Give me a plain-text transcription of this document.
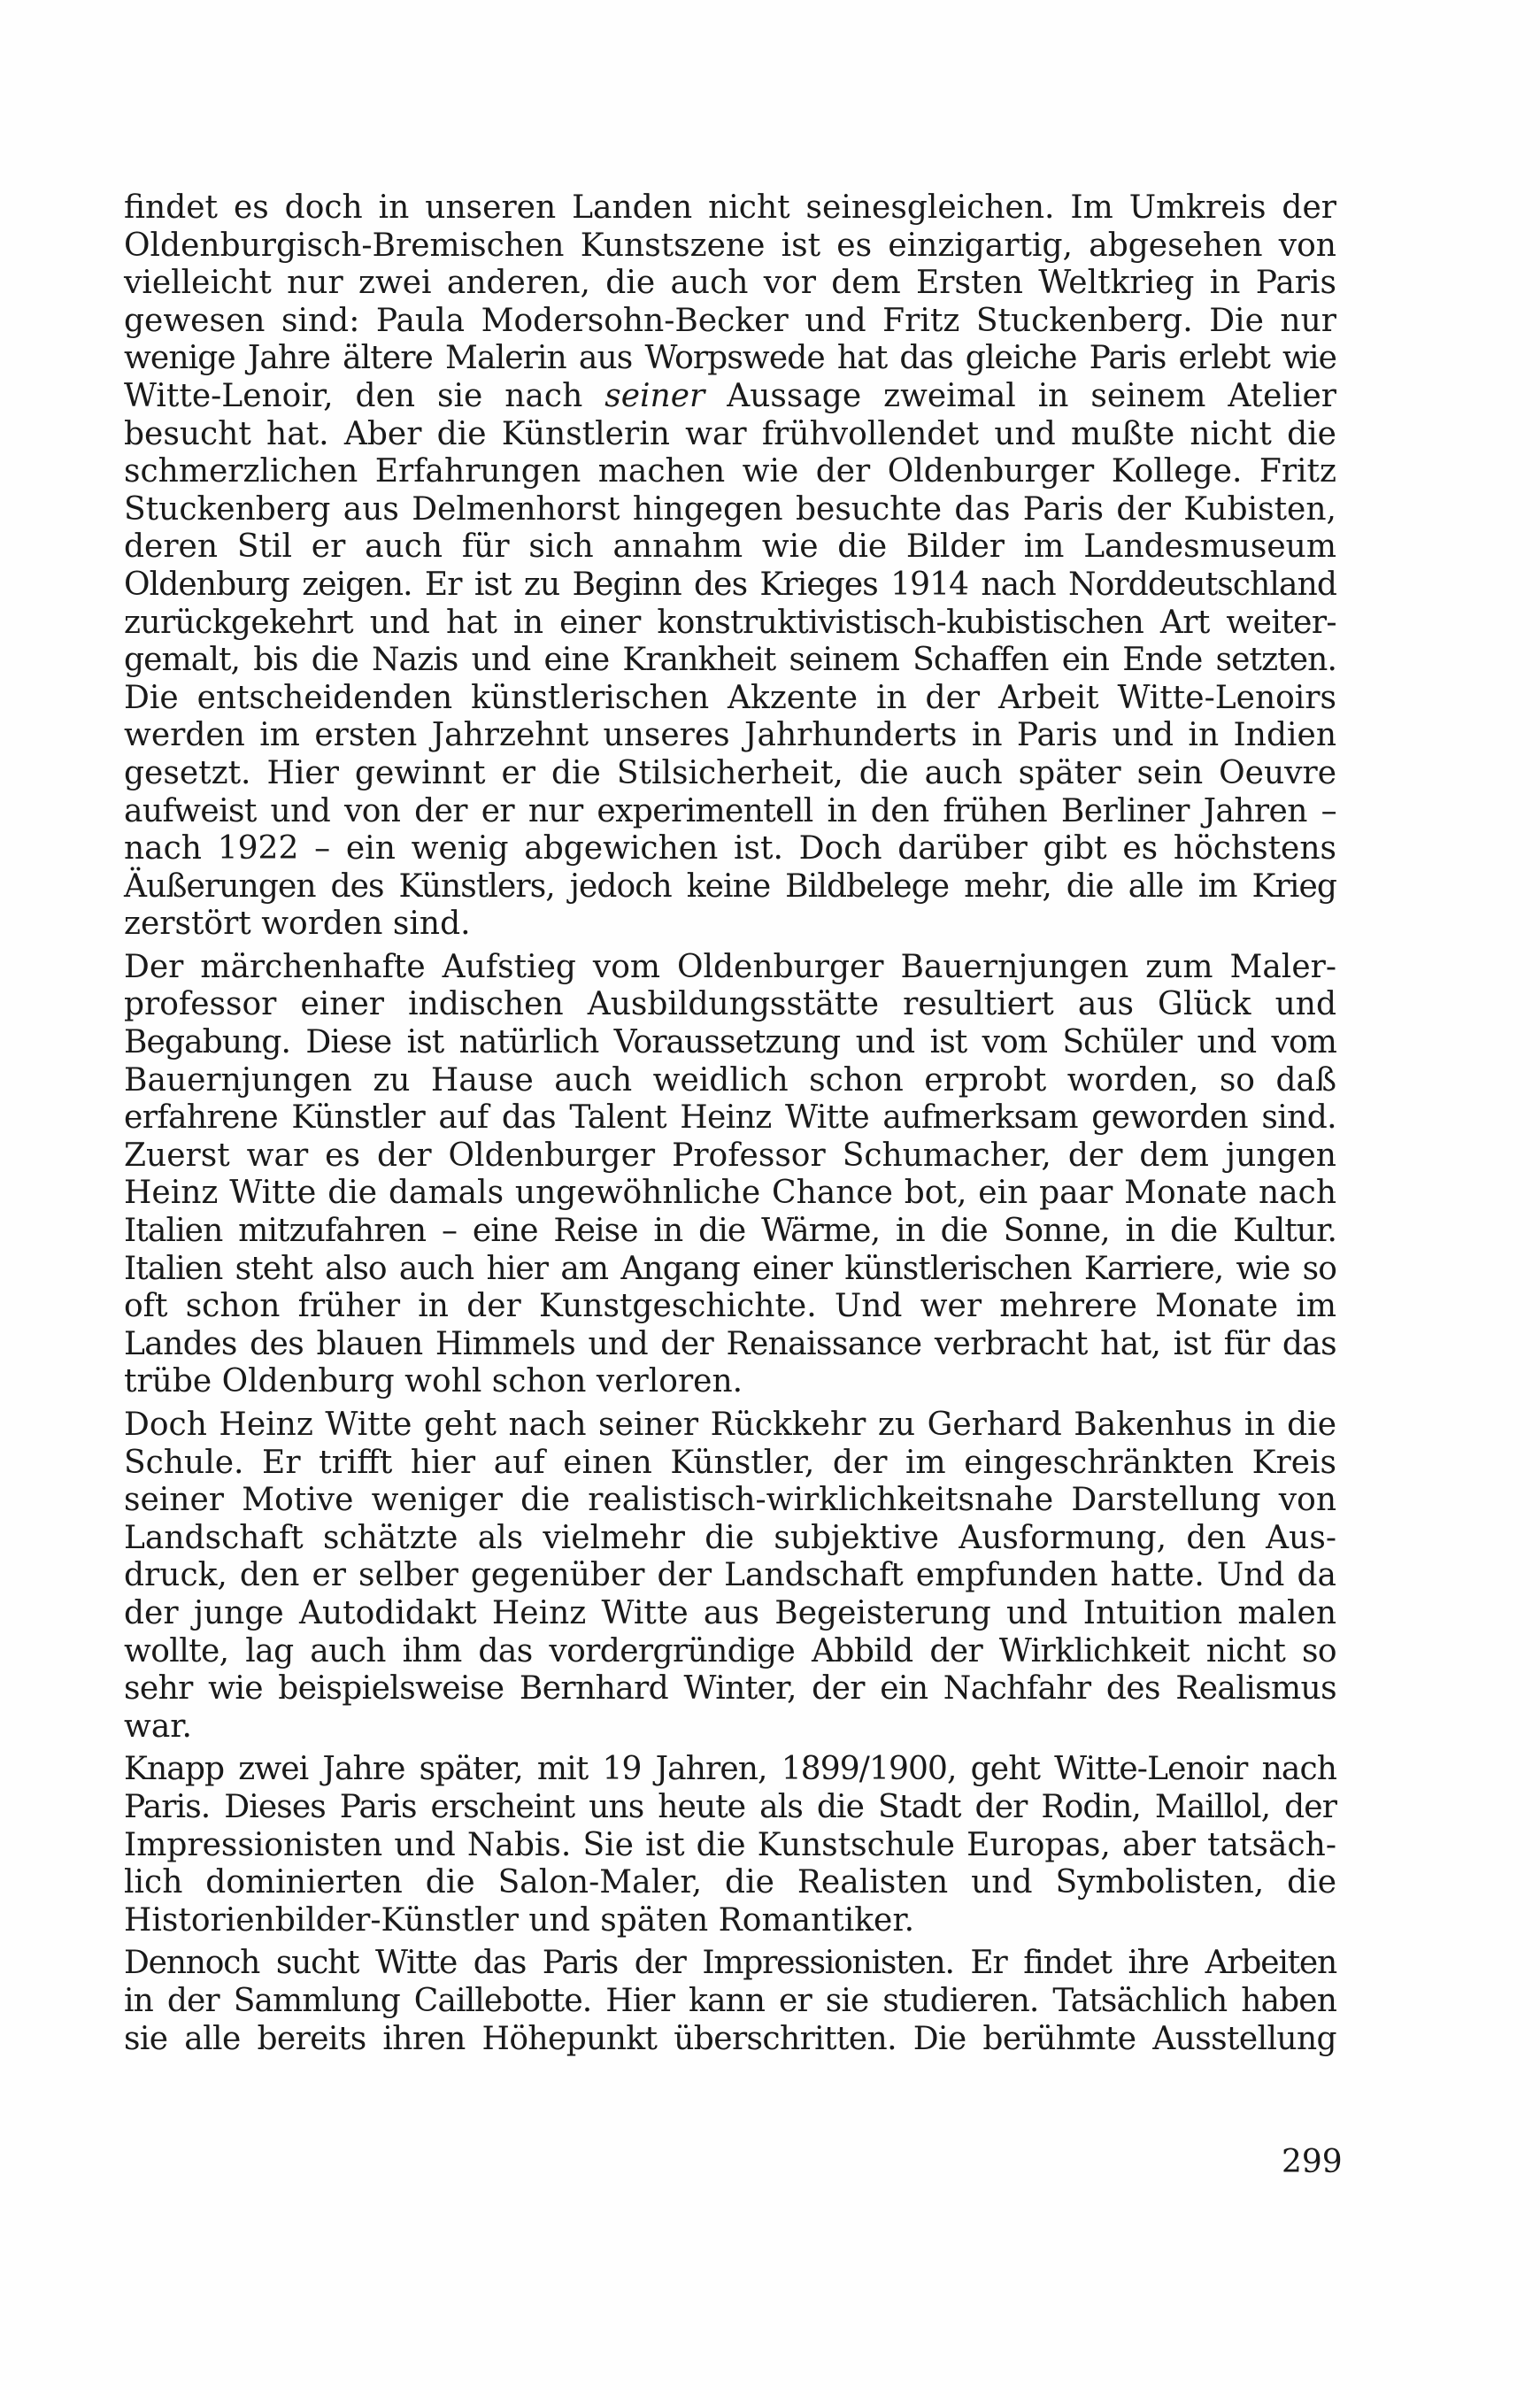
findet es doch in unseren Landen nicht seinesgleichen. Im Umkreis der
Oldenburgisch-Bremischen Kunstszene ist es einzigartig, abgesehen von
vielleicht nur zwei anderen, die auch vor dem Ersten Weltkrieg in Paris
gewesen sind: Paula Modersohn-Becker und Fritz Stuckenberg. Die nur
wenige Jahre ältere Malerin aus Worpswede hat das gleiche Paris erlebt wie
Witte-Lenoir, den sie nach seiner Aussage zweimal in seinem Atelier
besucht hat. Aber die Künstlerin war frühvollendet und mußte nicht die
schmerzlichen Erfahrungen machen wie der Oldenburger Kollege. Fritz
Stuckenberg aus Delmenhorst hingegen besuchte das Paris der Kubisten,
deren Stil er auch für sich annahm wie die Bilder im Landesmuseum
Oldenburg zeigen. Er ist zu Beginn des Krieges 1914 nach Norddeutschland
zurückgekehrt und hat in einer konstruktivistisch-kubistischen Art weiter-
gemalt, bis die Nazis und eine Krankheit seinem Schaffen ein Ende setzten.
Die entscheidenden künstlerischen Akzente in der Arbeit Witte-Lenoirs
werden im ersten Jahrzehnt unseres Jahrhunderts in Paris und in Indien
gesetzt. Hier gewinnt er die Stilsicherheit, die auch später sein Oeuvre
aufweist und von der er nur experimentell in den frühen Berliner Jahren –
nach 1922 – ein wenig abgewichen ist. Doch darüber gibt es höchstens
Äußerungen des Künstlers, jedoch keine Bildbelege mehr, die alle im Krieg
zerstört worden sind.
Der märchenhafte Aufstieg vom Oldenburger Bauernjungen zum Maler-
professor einer indischen Ausbildungsstätte resultiert aus Glück und
Begabung. Diese ist natürlich Voraussetzung und ist vom Schüler und vom
Bauernjungen zu Hause auch weidlich schon erprobt worden, so daß
erfahrene Künstler auf das Talent Heinz Witte aufmerksam geworden sind.
Zuerst war es der Oldenburger Professor Schumacher, der dem jungen
Heinz Witte die damals ungewöhnliche Chance bot, ein paar Monate nach
Italien mitzufahren – eine Reise in die Wärme, in die Sonne, in die Kultur.
Italien steht also auch hier am Angang einer künstlerischen Karriere, wie so
oft schon früher in der Kunstgeschichte. Und wer mehrere Monate im
Landes des blauen Himmels und der Renaissance verbracht hat, ist für das
trübe Oldenburg wohl schon verloren.
Doch Heinz Witte geht nach seiner Rückkehr zu Gerhard Bakenhus in die
Schule. Er trifft hier auf einen Künstler, der im eingeschränkten Kreis
seiner Motive weniger die realistisch-wirklichkeitsnahe Darstellung von
Landschaft schätzte als vielmehr die subjektive Ausformung, den Aus-
druck, den er selber gegenüber der Landschaft empfunden hatte. Und da
der junge Autodidakt Heinz Witte aus Begeisterung und Intuition malen
wollte, lag auch ihm das vordergründige Abbild der Wirklichkeit nicht so
sehr wie beispielsweise Bernhard Winter, der ein Nachfahr des Realismus
war.
Knapp zwei Jahre später, mit 19 Jahren, 1899/1900, geht Witte-Lenoir nach
Paris. Dieses Paris erscheint uns heute als die Stadt der Rodin, Maillol, der
Impressionisten und Nabis. Sie ist die Kunstschule Europas, aber tatsäch-
lich dominierten die Salon-Maler, die Realisten und Symbolisten, die
Historienbilder-Künstler und späten Romantiker.
Dennoch sucht Witte das Paris der Impressionisten. Er findet ihre Arbeiten
in der Sammlung Caillebotte. Hier kann er sie studieren. Tatsächlich haben
sie alle bereits ihren Höhepunkt überschritten. Die berühmte Ausstellung
299
